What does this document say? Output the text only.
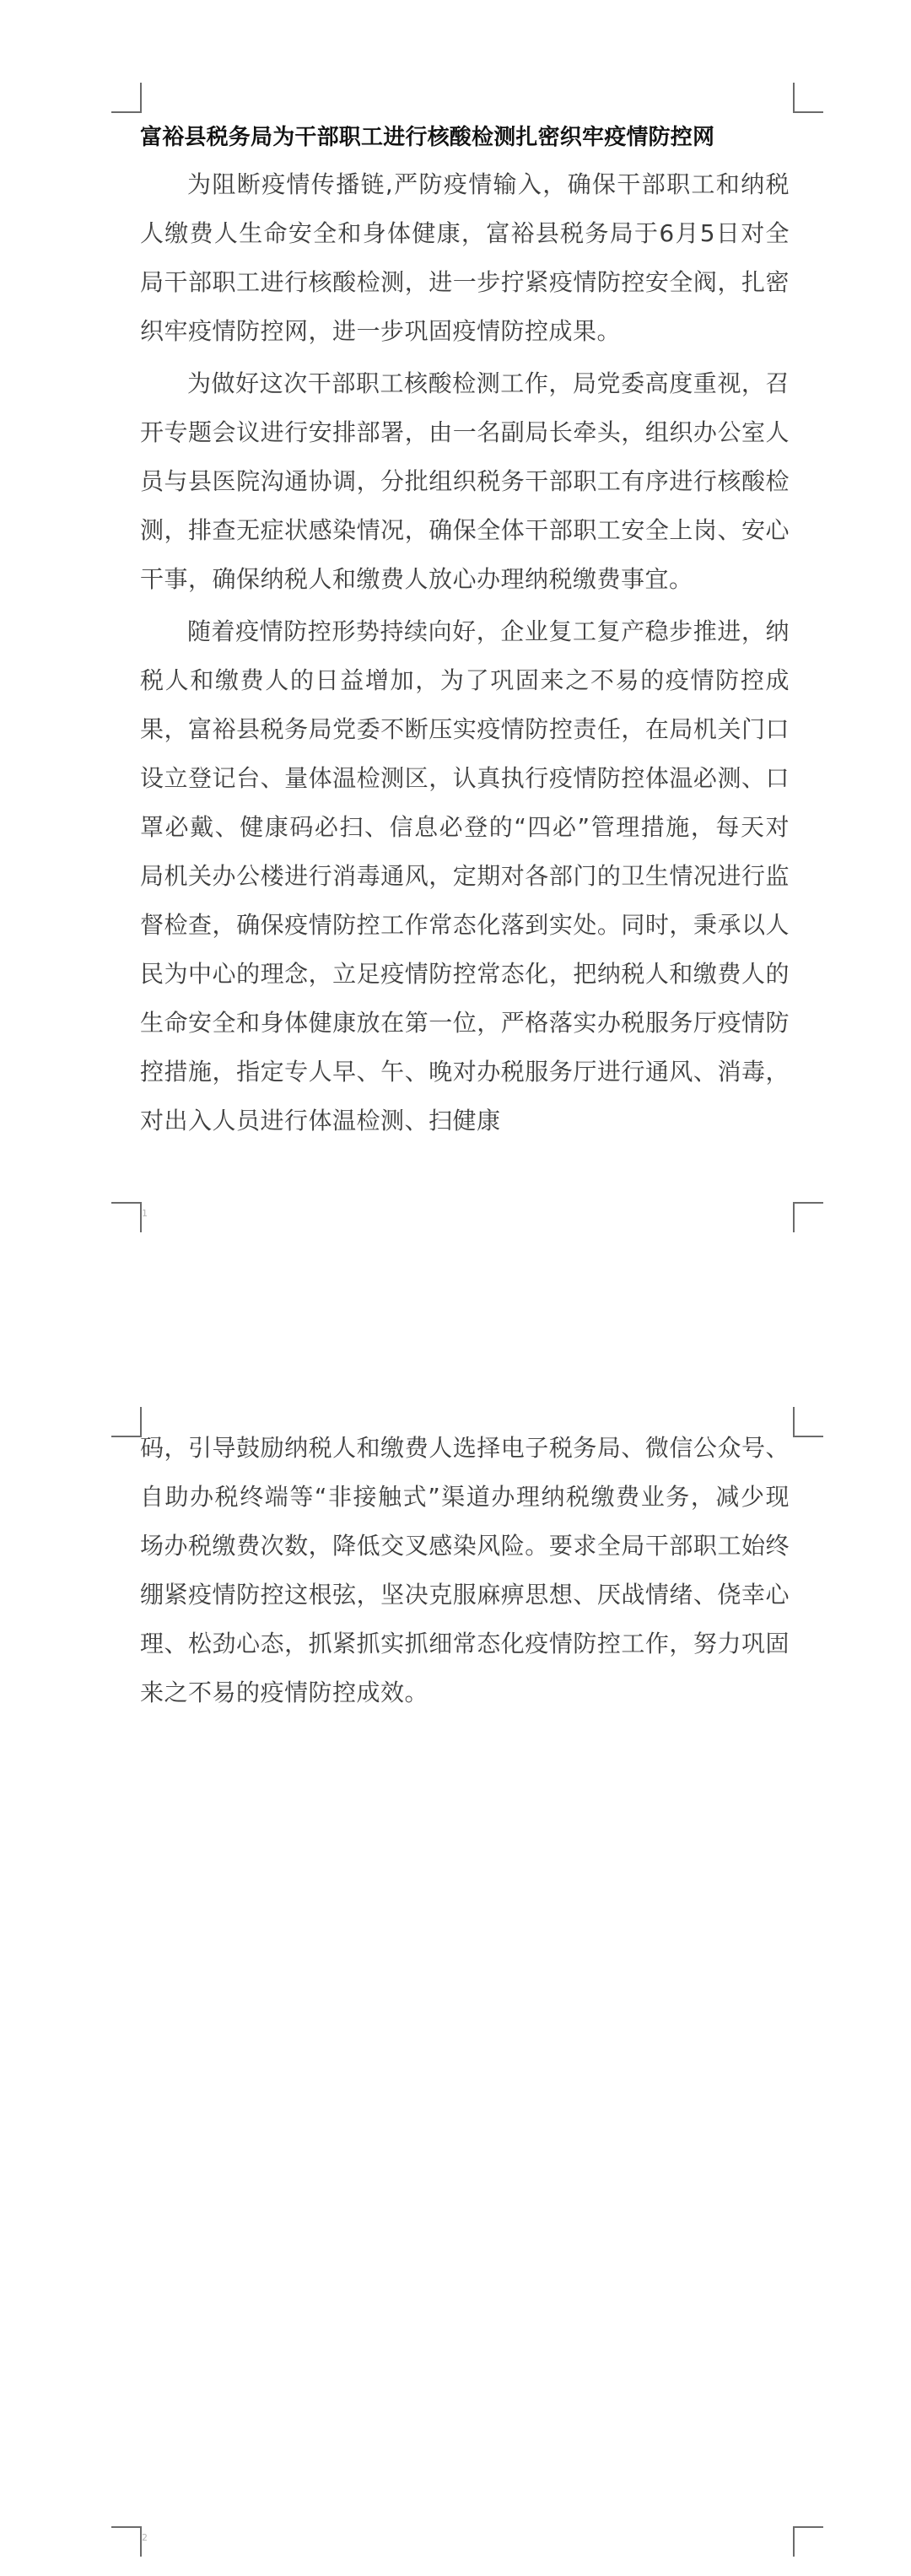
富裕县税务局为干部职工进行核酸检测扎密织牢疫情防控网

为阻断疫情传播链,严防疫情输入，确保干部职工和纳税人缴费人生命安全和身体健康，富裕县税务局于6月5日对全局干部职工进行核酸检测，进一步拧紧疫情防控安全阀，扎密织牢疫情防控网，进一步巩固疫情防控成果。

为做好这次干部职工核酸检测工作，局党委高度重视，召开专题会议进行安排部署，由一名副局长牵头，组织办公室人员与县医院沟通协调，分批组织税务干部职工有序进行核酸检测，排查无症状感染情况，确保全体干部职工安全上岗、安心干事，确保纳税人和缴费人放心办理纳税缴费事宜。

随着疫情防控形势持续向好，企业复工复产稳步推进，纳税人和缴费人的日益增加，为了巩固来之不易的疫情防控成果，富裕县税务局党委不断压实疫情防控责任，在局机关门口设立登记台、量体温检测区，认真执行疫情防控体温必测、口罩必戴、健康码必扫、信息必登的“四必”管理措施，每天对局机关办公楼进行消毒通风，定期对各部门的卫生情况进行监督检查，确保疫情防控工作常态化落到实处。同时，秉承以人民为中心的理念，立足疫情防控常态化，把纳税人和缴费人的生命安全和身体健康放在第一位，严格落实办税服务厅疫情防控措施，指定专人早、午、晚对办税服务厅进行通风、消毒，对出入人员进行体温检测、扫健康

1

码，引导鼓励纳税人和缴费人选择电子税务局、微信公众号、自助办税终端等“非接触式”渠道办理纳税缴费业务，减少现场办税缴费次数，降低交叉感染风险。要求全局干部职工始终绷紧疫情防控这根弦，坚决克服麻痹思想、厌战情绪、侥幸心理、松劲心态，抓紧抓实抓细常态化疫情防控工作，努力巩固来之不易的疫情防控成效。

2
